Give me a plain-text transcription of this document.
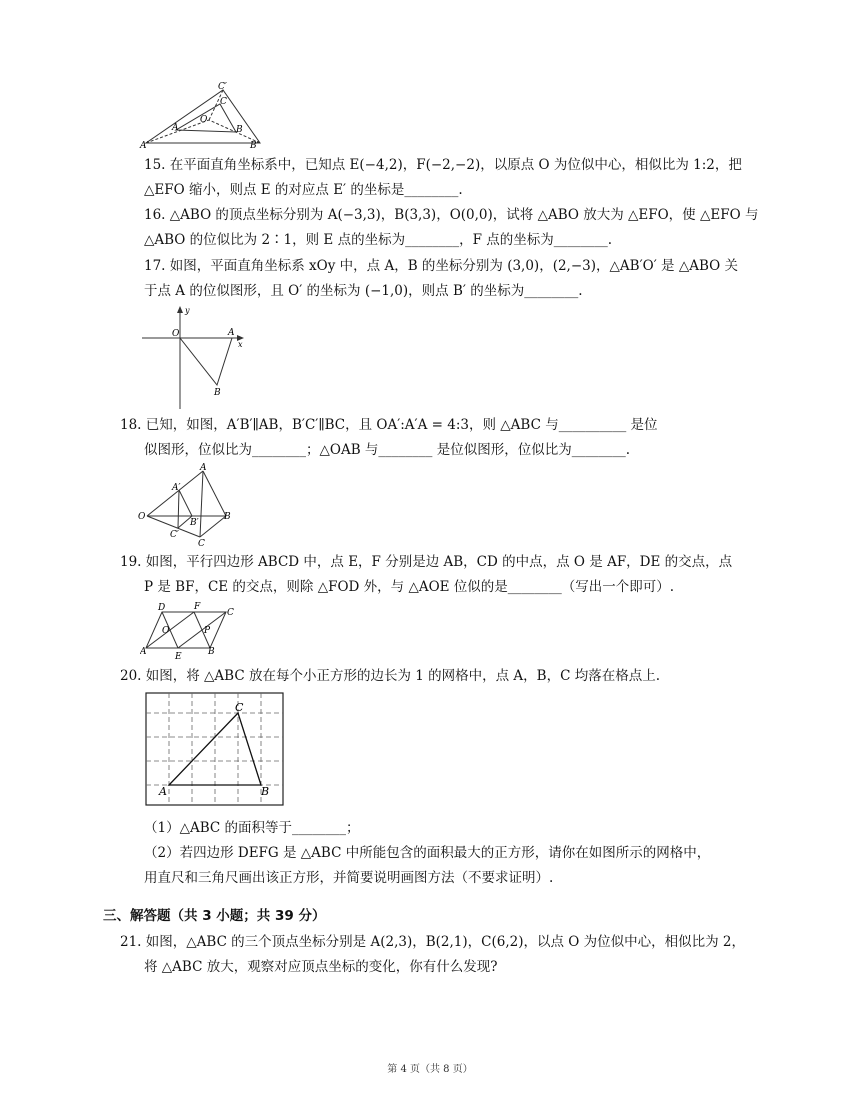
C′
C
O
A	B
A′	B′
15. 在平面直角坐标系中，已知点 E(−4,2)，F(−2,−2)，以原点 O 为位似中心，相似比为 1:2，把
△EFO 缩小，则点 E 的对应点 E′ 的坐标是________.
16. △ABO 的顶点坐标分别为 A(−3,3)，B(3,3)，O(0,0)，试将 △ABO 放大为 △EFO，使 △EFO 与
△ABO 的位似比为 2∶1，则 E 点的坐标为________，F 点的坐标为________.
17. 如图，平面直角坐标系 xOy 中，点 A，B 的坐标分别为 (3,0)，(2,−3)，△AB′O′ 是 △ABO 关
于点 A 的位似图形，且 O′ 的坐标为 (−1,0)，则点 B′ 的坐标为________.
y
O	A
x
B
18. 已知，如图，A′B′∥AB，B′C′∥BC，且 OA′:A′A = 4:3，则 △ABC 与__________ 是位
似图形，位似比为________；△OAB 与________ 是位似图形，位似比为________.
A
A′
O
B′
B
C′
C
19. 如图，平行四边形 ABCD 中，点 E，F 分别是边 AB，CD 的中点，点 O 是 AF，DE 的交点，点
P 是 BF，CE 的交点，则除 △FOD 外，与 △AOE 位似的是________（写出一个即可）.
D	F
C
O	P
A	E	B
20. 如图，将 △ABC 放在每个小正方形的边长为 1 的网格中，点 A，B，C 均落在格点上.
C
A	B
（1）△ABC 的面积等于________；
（2）若四边形 DEFG 是 △ABC 中所能包含的面积最大的正方形，请你在如图所示的网格中，
用直尺和三角尺画出该正方形，并简要说明画图方法（不要求证明）.
三、解答题（共 3 小题；共 39 分）
21. 如图，△ABC 的三个顶点坐标分别是 A(2,3)，B(2,1)，C(6,2)，以点 O 为位似中心，相似比为 2，
将 △ABC 放大，观察对应顶点坐标的变化，你有什么发现?
第 4 页（共 8 页）
